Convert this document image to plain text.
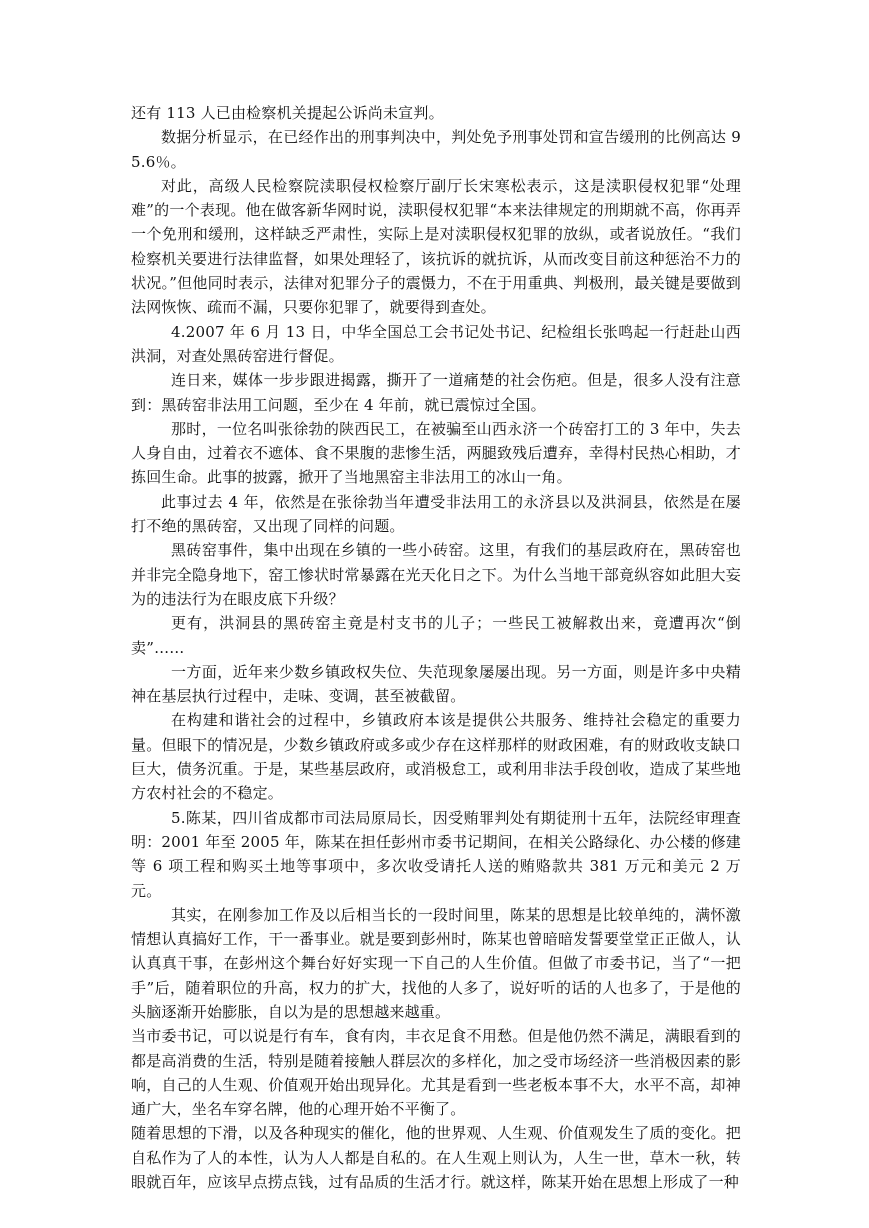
还有 113 人已由检察机关提起公诉尚未宣判。

数据分析显示，在已经作出的刑事判决中，判处免予刑事处罚和宣告缓刑的比例高达 95.6％。

对此，高级人民检察院渎职侵权检察厅副厅长宋寒松表示，这是渎职侵权犯罪“处理难”的一个表现。他在做客新华网时说，渎职侵权犯罪“本来法律规定的刑期就不高，你再弄一个免刑和缓刑，这样缺乏严肃性，实际上是对渎职侵权犯罪的放纵，或者说放任。“我们检察机关要进行法律监督，如果处理轻了，该抗诉的就抗诉，从而改变目前这种惩治不力的状况。”但他同时表示，法律对犯罪分子的震慑力，不在于用重典、判极刑，最关键是要做到法网恢恢、疏而不漏，只要你犯罪了，就要得到查处。

4.2007 年 6 月 13 日，中华全国总工会书记处书记、纪检组长张鸣起一行赶赴山西洪洞，对查处黑砖窑进行督促。

连日来，媒体一步步跟进揭露，撕开了一道痛楚的社会伤疤。但是，很多人没有注意到：黑砖窑非法用工问题，至少在 4 年前，就已震惊过全国。

那时，一位名叫张徐勃的陕西民工，在被骗至山西永济一个砖窑打工的 3 年中，失去人身自由，过着衣不遮体、食不果腹的悲惨生活，两腿致残后遭弃，幸得村民热心相助，才拣回生命。此事的披露，掀开了当地黑窑主非法用工的冰山一角。

此事过去 4 年，依然是在张徐勃当年遭受非法用工的永济县以及洪洞县，依然是在屡打不绝的黑砖窑，又出现了同样的问题。

黑砖窑事件，集中出现在乡镇的一些小砖窑。这里，有我们的基层政府在，黑砖窑也并非完全隐身地下，窑工惨状时常暴露在光天化日之下。为什么当地干部竟纵容如此胆大妄为的违法行为在眼皮底下升级？

更有，洪洞县的黑砖窑主竟是村支书的儿子；一些民工被解救出来，竟遭再次“倒卖”……

一方面，近年来少数乡镇政权失位、失范现象屡屡出现。另一方面，则是许多中央精神在基层执行过程中，走味、变调，甚至被截留。

在构建和谐社会的过程中，乡镇政府本该是提供公共服务、维持社会稳定的重要力量。但眼下的情况是，少数乡镇政府或多或少存在这样那样的财政困难，有的财政收支缺口巨大，债务沉重。于是，某些基层政府，或消极怠工，或利用非法手段创收，造成了某些地方农村社会的不稳定。

5.陈某，四川省成都市司法局原局长，因受贿罪判处有期徒刑十五年，法院经审理查明：2001 年至 2005 年，陈某在担任彭州市委书记期间，在相关公路绿化、办公楼的修建等 6 项工程和购买土地等事项中，多次收受请托人送的贿赂款共 381 万元和美元 2 万元。

其实，在刚参加工作及以后相当长的一段时间里，陈某的思想是比较单纯的，满怀激情想认真搞好工作，干一番事业。就是要到彭州时，陈某也曾暗暗发誓要堂堂正正做人，认认真真干事，在彭州这个舞台好好实现一下自己的人生价值。但做了市委书记，当了“一把手”后，随着职位的升高，权力的扩大，找他的人多了，说好听的话的人也多了，于是他的头脑逐渐开始膨胀，自以为是的思想越来越重。

当市委书记，可以说是行有车，食有肉，丰衣足食不用愁。但是他仍然不满足，满眼看到的都是高消费的生活，特别是随着接触人群层次的多样化，加之受市场经济一些消极因素的影响，自己的人生观、价值观开始出现异化。尤其是看到一些老板本事不大，水平不高，却神通广大，坐名车穿名牌，他的心理开始不平衡了。

随着思想的下滑，以及各种现实的催化，他的世界观、人生观、价值观发生了质的变化。把自私作为了人的本性，认为人人都是自私的。在人生观上则认为，人生一世，草木一秋，转眼就百年，应该早点捞点钱，过有品质的生活才行。就这样，陈某开始在思想上形成了一种
